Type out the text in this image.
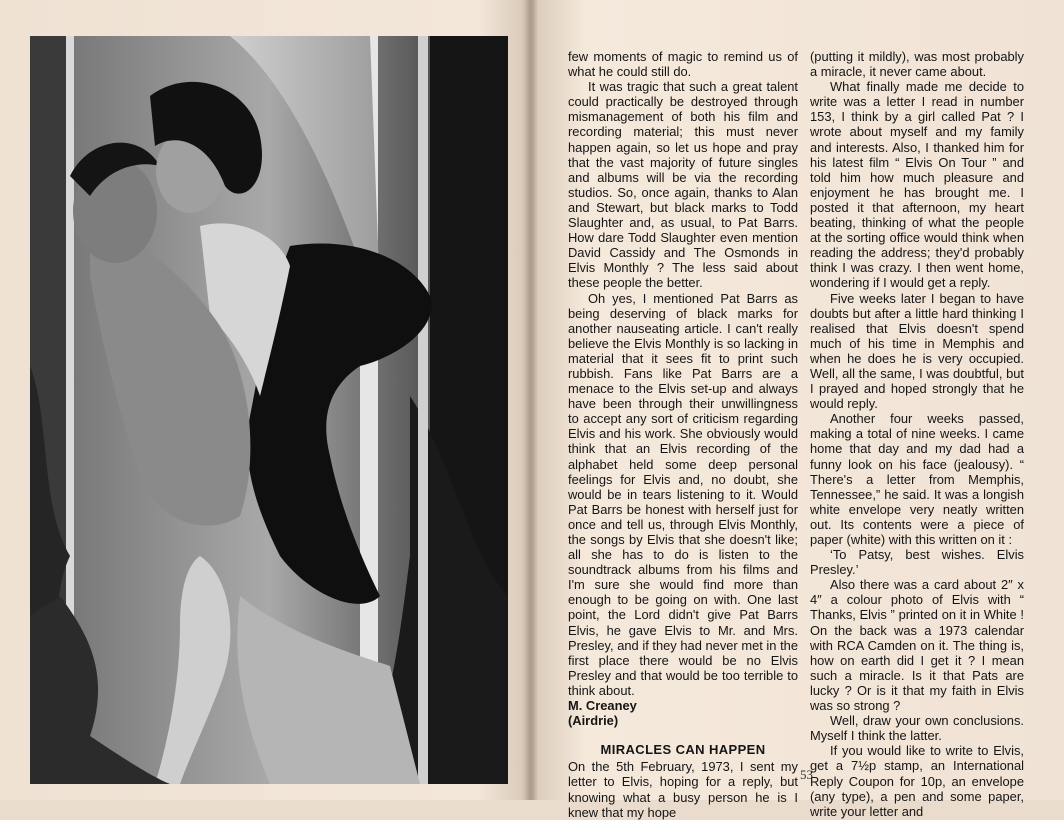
few moments of magic to remind us of what he could still do.

It was tragic that such a great talent could practically be destroyed through mismanagement of both his film and recording material; this must never happen again, so let us hope and pray that the vast majority of future singles and albums will be via the recording studios. So, once again, thanks to Alan and Stewart, but black marks to Todd Slaughter and, as usual, to Pat Barrs. How dare Todd Slaughter even mention David Cassidy and The Osmonds in Elvis Monthly ? The less said about these people the better.

Oh yes, I mentioned Pat Barrs as being deserving of black marks for another nauseating article. I can't really believe the Elvis Monthly is so lacking in material that it sees fit to print such rubbish. Fans like Pat Barrs are a menace to the Elvis set-up and always have been through their unwillingness to accept any sort of criticism regarding Elvis and his work. She obviously would think that an Elvis recording of the alphabet held some deep personal feelings for Elvis and, no doubt, she would be in tears listening to it. Would Pat Barrs be honest with herself just for once and tell us, through Elvis Monthly, the songs by Elvis that she doesn't like; all she has to do is listen to the soundtrack albums from his films and I'm sure she would find more than enough to be going on with. One last point, the Lord didn't give Pat Barrs Elvis, he gave Elvis to Mr. and Mrs. Presley, and if they had never met in the first place there would be no Elvis Presley and that would be too terrible to think about.

M. Creaney

(Airdrie)

MIRACLES CAN HAPPEN

On the 5th February, 1973, I sent my letter to Elvis, hoping for a reply, but knowing what a busy person he is I knew that my hope

(putting it mildly), was most probably a miracle, it never came about.

What finally made me decide to write was a letter I read in number 153, I think by a girl called Pat ? I wrote about myself and my family and interests. Also, I thanked him for his latest film “ Elvis On Tour ” and told him how much pleasure and enjoyment he has brought me. I posted it that afternoon, my heart beating, thinking of what the people at the sorting office would think when reading the address; they'd probably think I was crazy. I then went home, wondering if I would get a reply.

Five weeks later I began to have doubts but after a little hard thinking I realised that Elvis doesn't spend much of his time in Memphis and when he does he is very occupied. Well, all the same, I was doubtful, but I prayed and hoped strongly that he would reply.

Another four weeks passed, making a total of nine weeks. I came home that day and my dad had a funny look on his face (jealousy). “ There's a letter from Memphis, Tennessee,” he said. It was a longish white envelope very neatly written out. Its contents were a piece of paper (white) with this written on it :

‘To Patsy, best wishes. Elvis Presley.’

Also there was a card about 2″ x 4″ a colour photo of Elvis with “ Thanks, Elvis ” printed on it in White ! On the back was a 1973 calendar with RCA Camden on it. The thing is, how on earth did I get it ? I mean such a miracle. Is it that Pats are lucky ? Or is it that my faith in Elvis was so strong ?

Well, draw your own conclusions. Myself I think the latter.

If you would like to write to Elvis, get a 7½p stamp, an International Reply Coupon for 10p, an envelope (any type), a pen and some paper, write your letter and

53
